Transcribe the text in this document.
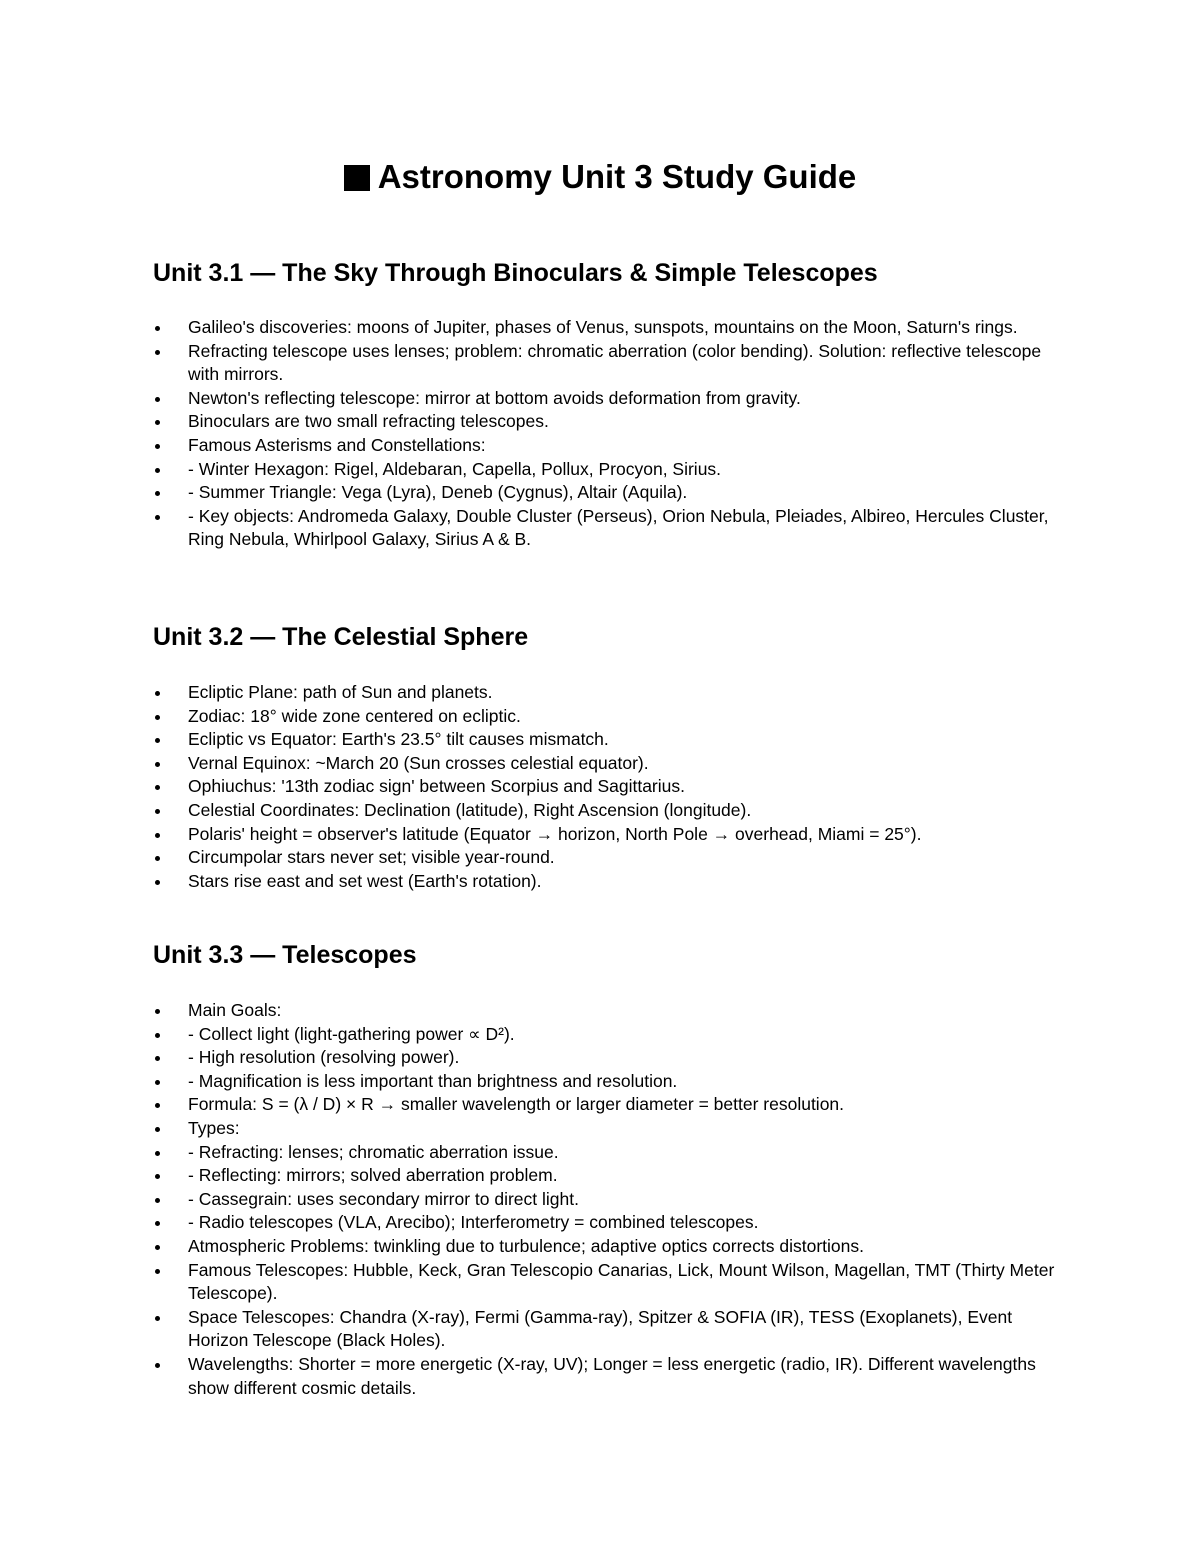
Astronomy Unit 3 Study Guide
Unit 3.1 — The Sky Through Binoculars & Simple Telescopes
Galileo's discoveries: moons of Jupiter, phases of Venus, sunspots, mountains on the Moon, Saturn's rings.
Refracting telescope uses lenses; problem: chromatic aberration (color bending). Solution: reflective telescope with mirrors.
Newton's reflecting telescope: mirror at bottom avoids deformation from gravity.
Binoculars are two small refracting telescopes.
Famous Asterisms and Constellations:
- Winter Hexagon: Rigel, Aldebaran, Capella, Pollux, Procyon, Sirius.
- Summer Triangle: Vega (Lyra), Deneb (Cygnus), Altair (Aquila).
- Key objects: Andromeda Galaxy, Double Cluster (Perseus), Orion Nebula, Pleiades, Albireo, Hercules Cluster, Ring Nebula, Whirlpool Galaxy, Sirius A & B.
Unit 3.2 — The Celestial Sphere
Ecliptic Plane: path of Sun and planets.
Zodiac: 18° wide zone centered on ecliptic.
Ecliptic vs Equator: Earth's 23.5° tilt causes mismatch.
Vernal Equinox: ~March 20 (Sun crosses celestial equator).
Ophiuchus: '13th zodiac sign' between Scorpius and Sagittarius.
Celestial Coordinates: Declination (latitude), Right Ascension (longitude).
Polaris' height = observer's latitude (Equator → horizon, North Pole → overhead, Miami = 25°).
Circumpolar stars never set; visible year-round.
Stars rise east and set west (Earth's rotation).
Unit 3.3 — Telescopes
Main Goals:
- Collect light (light-gathering power ∝ D²).
- High resolution (resolving power).
- Magnification is less important than brightness and resolution.
Formula: S = (λ / D) × R → smaller wavelength or larger diameter = better resolution.
Types:
- Refracting: lenses; chromatic aberration issue.
- Reflecting: mirrors; solved aberration problem.
- Cassegrain: uses secondary mirror to direct light.
- Radio telescopes (VLA, Arecibo); Interferometry = combined telescopes.
Atmospheric Problems: twinkling due to turbulence; adaptive optics corrects distortions.
Famous Telescopes: Hubble, Keck, Gran Telescopio Canarias, Lick, Mount Wilson, Magellan, TMT (Thirty Meter Telescope).
Space Telescopes: Chandra (X-ray), Fermi (Gamma-ray), Spitzer & SOFIA (IR), TESS (Exoplanets), Event Horizon Telescope (Black Holes).
Wavelengths: Shorter = more energetic (X-ray, UV); Longer = less energetic (radio, IR). Different wavelengths show different cosmic details.
